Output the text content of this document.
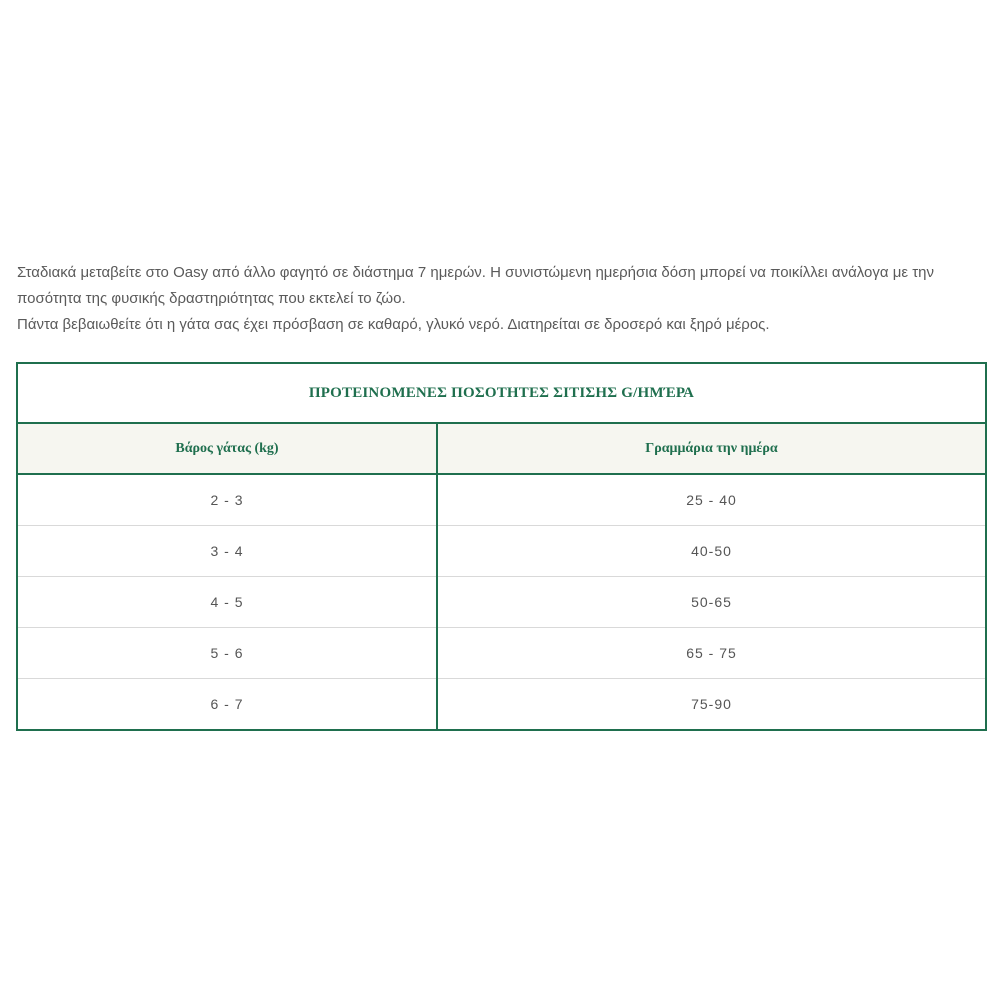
Σταδιακά μεταβείτε στο Oasy από άλλο φαγητό σε διάστημα 7 ημερών. Η συνιστώμενη ημερήσια δόση μπορεί να ποικίλλει ανάλογα με την ποσότητα της φυσικής δραστηριότητας που εκτελεί το ζώο.

Πάντα βεβαιωθείτε ότι η γάτα σας έχει πρόσβαση σε καθαρό, γλυκό νερό. Διατηρείται σε δροσερό και ξηρό μέρος.

ΠΡΟΤΕΙΝΟΜΕΝΕΣ ΠΟΣΟΤΗΤΕΣ ΣΙΤΙΣΗΣ G/ΗΜΈΡΑ	
Βάρος γάτας (kg)	Γραμμάρια την ημέρα
2 - 3	25 - 40
3 - 4	40-50
4 - 5	50-65
5 - 6	65 - 75
6 - 7	75-90
